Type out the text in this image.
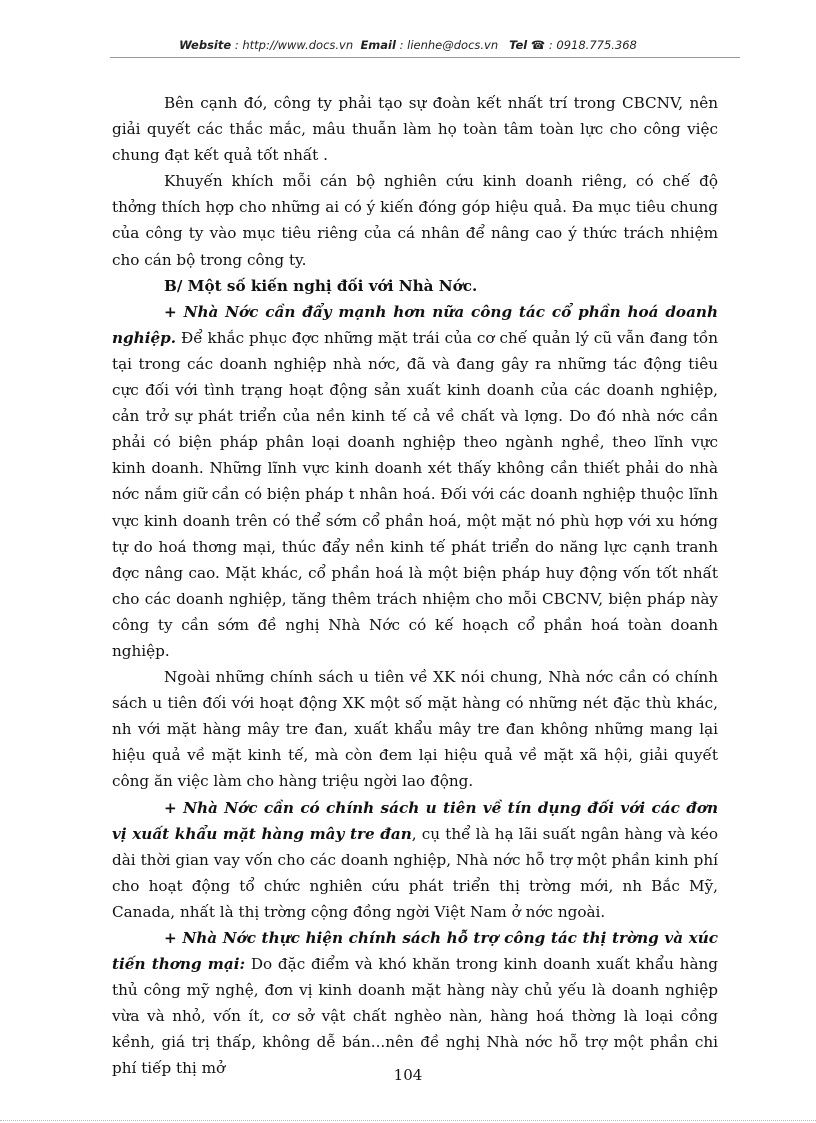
Website : http://www.docs.vn Email : lienhe@docs.vn Tel ☎ : 0918.775.368

Bên cạnh đó, công ty phải tạo sự đoàn kết nhất trí trong CBCNV, nên giải quyết các thắc mắc, mâu thuẫn làm họ toàn tâm toàn lực cho công việc chung đạt kết quả tốt nhất .

Khuyến khích mỗi cán bộ nghiên cứu kinh doanh riêng, có chế độ thởng thích hợp cho những ai có ý kiến đóng góp hiệu quả. Đa mục tiêu chung của công ty vào mục tiêu riêng của cá nhân để nâng cao ý thức trách nhiệm cho cán bộ trong công ty.

B/ Một số kiến nghị đối với Nhà Nớc.

+ Nhà Nớc cần đẩy mạnh hơn nữa công tác cổ phần hoá doanh nghiệp. Để khắc phục đợc những mặt trái của cơ chế quản lý cũ vẫn đang tồn tại trong các doanh nghiệp nhà nớc, đã và đang gây ra những tác động tiêu cực đối với tình trạng hoạt động sản xuất kinh doanh của các doanh nghiệp, cản trở sự phát triển của nền kinh tế cả về chất và lợng. Do đó nhà nớc cần phải có biện pháp phân loại doanh nghiệp theo ngành nghề, theo lĩnh vực kinh doanh. Những lĩnh vực kinh doanh xét thấy không cần thiết phải do nhà nớc nắm giữ cần có biện pháp t nhân hoá. Đối với các doanh nghiệp thuộc lĩnh vực kinh doanh trên có thể sớm cổ phần hoá, một mặt nó phù hợp với xu hớng tự do hoá thơng mại, thúc đẩy nền kinh tế phát triển do năng lực cạnh tranh đợc nâng cao. Mặt khác, cổ phần hoá là một biện pháp huy động vốn tốt nhất cho các doanh nghiệp, tăng thêm trách nhiệm cho mỗi CBCNV, biện pháp này công ty cần sớm đề nghị Nhà Nớc có kế hoạch cổ phần hoá toàn doanh nghiệp.

Ngoài những chính sách u tiên về XK nói chung, Nhà nớc cần có chính sách u tiên đối với hoạt động XK một số mặt hàng có những nét đặc thù khác, nh với mặt hàng mây tre đan, xuất khẩu mây tre đan không những mang lại hiệu quả về mặt kinh tế, mà còn đem lại hiệu quả về mặt xã hội, giải quyết công ăn việc làm cho hàng triệu ngời lao động.

+ Nhà Nớc cần có chính sách u tiên về tín dụng đối với các đơn vị xuất khẩu mặt hàng mây tre đan, cụ thể là hạ lãi suất ngân hàng và kéo dài thời gian vay vốn cho các doanh nghiệp, Nhà nớc hỗ trợ một phần kinh phí cho hoạt động tổ chức nghiên cứu phát triển thị trờng mới, nh Bắc Mỹ, Canada, nhất là thị trờng cộng đồng ngời Việt Nam ở nớc ngoài.

+ Nhà Nớc thực hiện chính sách hỗ trợ công tác thị trờng và xúc tiến thơng mại: Do đặc điểm và khó khăn trong kinh doanh xuất khẩu hàng thủ công mỹ nghệ, đơn vị kinh doanh mặt hàng này chủ yếu là doanh nghiệp vừa và nhỏ, vốn ít, cơ sở vật chất nghèo nàn, hàng hoá thờng là loại cồng kềnh, giá trị thấp, không dễ bán...nên đề nghị Nhà nớc hỗ trợ một phần chi phí tiếp thị mở	104
